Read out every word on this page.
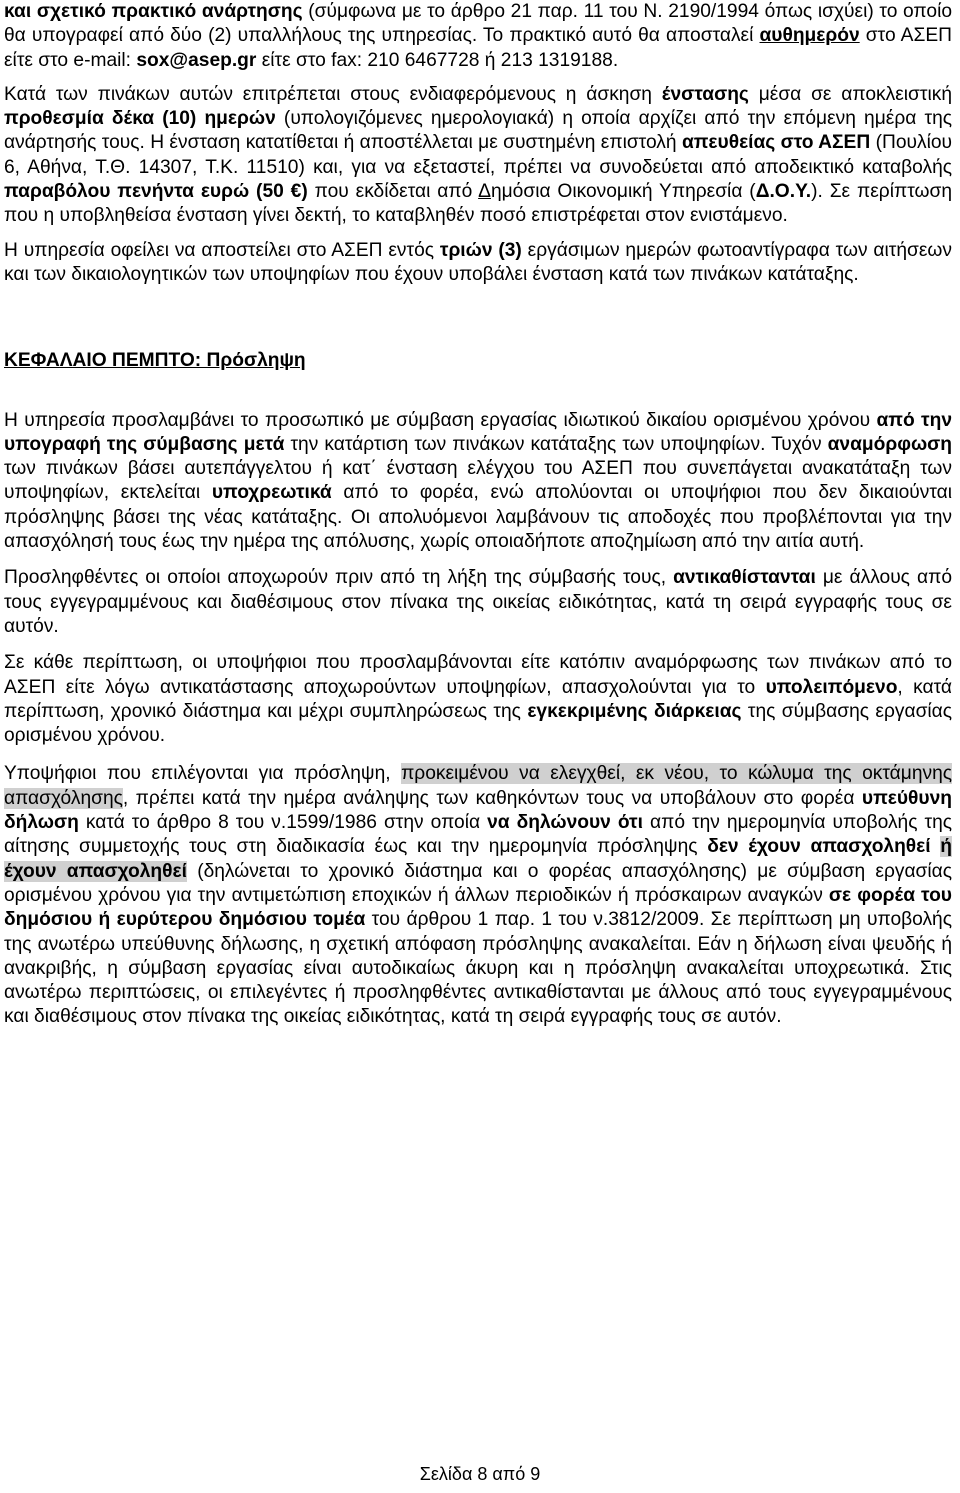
και σχετικό πρακτικό ανάρτησης (σύμφωνα με το άρθρο 21 παρ. 11 του Ν. 2190/1994 όπως ισχύει) το οποίο θα υπογραφεί από δύο (2) υπαλλήλους της υπηρεσίας. Το πρακτικό αυτό θα αποσταλεί αυθημερόν στο ΑΣΕΠ είτε στο e-mail: sox@asep.gr είτε στο fax: 210 6467728 ή 213 1319188.

Κατά των πινάκων αυτών επιτρέπεται στους ενδιαφερόμενους η άσκηση ένστασης μέσα σε αποκλειστική προθεσμία δέκα (10) ημερών (υπολογιζόμενες ημερολογιακά) η οποία αρχίζει από την επόμενη ημέρα της ανάρτησής τους. Η ένσταση κατατίθεται ή αποστέλλεται με συστημένη επιστολή απευθείας στο ΑΣΕΠ (Πουλίου 6, Αθήνα, Τ.Θ. 14307, Τ.Κ. 11510) και, για να εξεταστεί, πρέπει να συνοδεύεται από αποδεικτικό καταβολής παραβόλου πενήντα ευρώ (50 €) που εκδίδεται από Δημόσια Οικονομική Υπηρεσία (Δ.Ο.Υ.). Σε περίπτωση που η υποβληθείσα ένσταση γίνει δεκτή, το καταβληθέν ποσό επιστρέφεται στον ενιστάμενο.

Η υπηρεσία οφείλει να αποστείλει στο ΑΣΕΠ εντός τριών (3) εργάσιμων ημερών φωτοαντίγραφα των αιτήσεων και των δικαιολογητικών των υποψηφίων που έχουν υποβάλει ένσταση κατά των πινάκων κατάταξης.

ΚΕΦΑΛΑΙΟ ΠΕΜΠΤΟ: Πρόσληψη

Η υπηρεσία προσλαμβάνει το προσωπικό με σύμβαση εργασίας ιδιωτικού δικαίου ορισμένου χρόνου από την υπογραφή της σύμβασης μετά την κατάρτιση των πινάκων κατάταξης των υποψηφίων. Τυχόν αναμόρφωση των πινάκων βάσει αυτεπάγγελτου ή κατ΄ ένσταση ελέγχου του ΑΣΕΠ που συνεπάγεται ανακατάταξη των υποψηφίων, εκτελείται υποχρεωτικά από το φορέα, ενώ απολύονται οι υποψήφιοι που δεν δικαιούνται πρόσληψης βάσει της νέας κατάταξης. Οι απολυόμενοι λαμβάνουν τις αποδοχές που προβλέπονται για την απασχόλησή τους έως την ημέρα της απόλυσης, χωρίς οποιαδήποτε αποζημίωση από την αιτία αυτή.

Προσληφθέντες οι οποίοι αποχωρούν πριν από τη λήξη της σύμβασής τους, αντικαθίστανται με άλλους από τους εγγεγραμμένους και διαθέσιμους στον πίνακα της οικείας ειδικότητας, κατά τη σειρά εγγραφής τους σε αυτόν.

Σε κάθε περίπτωση, οι υποψήφιοι που προσλαμβάνονται είτε κατόπιν αναμόρφωσης των πινάκων από το ΑΣΕΠ είτε λόγω αντικατάστασης αποχωρούντων υποψηφίων, απασχολούνται για το υπολειπόμενο, κατά περίπτωση, χρονικό διάστημα και μέχρι συμπληρώσεως της εγκεκριμένης διάρκειας της σύμβασης εργασίας ορισμένου χρόνου.

Υποψήφιοι που επιλέγονται για πρόσληψη, προκειμένου να ελεγχθεί, εκ νέου, το κώλυμα της οκτάμηνης απασχόλησης, πρέπει κατά την ημέρα ανάληψης των καθηκόντων τους να υποβάλουν στο φορέα υπεύθυνη δήλωση κατά το άρθρο 8 του ν.1599/1986 στην οποία να δηλώνουν ότι από την ημερομηνία υποβολής της αίτησης συμμετοχής τους στη διαδικασία έως και την ημερομηνία πρόσληψης δεν έχουν απασχοληθεί ή έχουν απασχοληθεί (δηλώνεται το χρονικό διάστημα και ο φορέας απασχόλησης) με σύμβαση εργασίας ορισμένου χρόνου για την αντιμετώπιση εποχικών ή άλλων περιοδικών ή πρόσκαιρων αναγκών σε φορέα του δημόσιου ή ευρύτερου δημόσιου τομέα του άρθρου 1 παρ. 1 του ν.3812/2009. Σε περίπτωση μη υποβολής της ανωτέρω υπεύθυνης δήλωσης, η σχετική απόφαση πρόσληψης ανακαλείται. Εάν η δήλωση είναι ψευδής ή ανακριβής, η σύμβαση εργασίας είναι αυτοδικαίως άκυρη και η πρόσληψη ανακαλείται υποχρεωτικά. Στις ανωτέρω περιπτώσεις, οι επιλεγέντες ή προσληφθέντες αντικαθίστανται με άλλους από τους εγγεγραμμένους και διαθέσιμους στον πίνακα της οικείας ειδικότητας, κατά τη σειρά εγγραφής τους σε αυτόν.

Σελίδα 8 από 9
